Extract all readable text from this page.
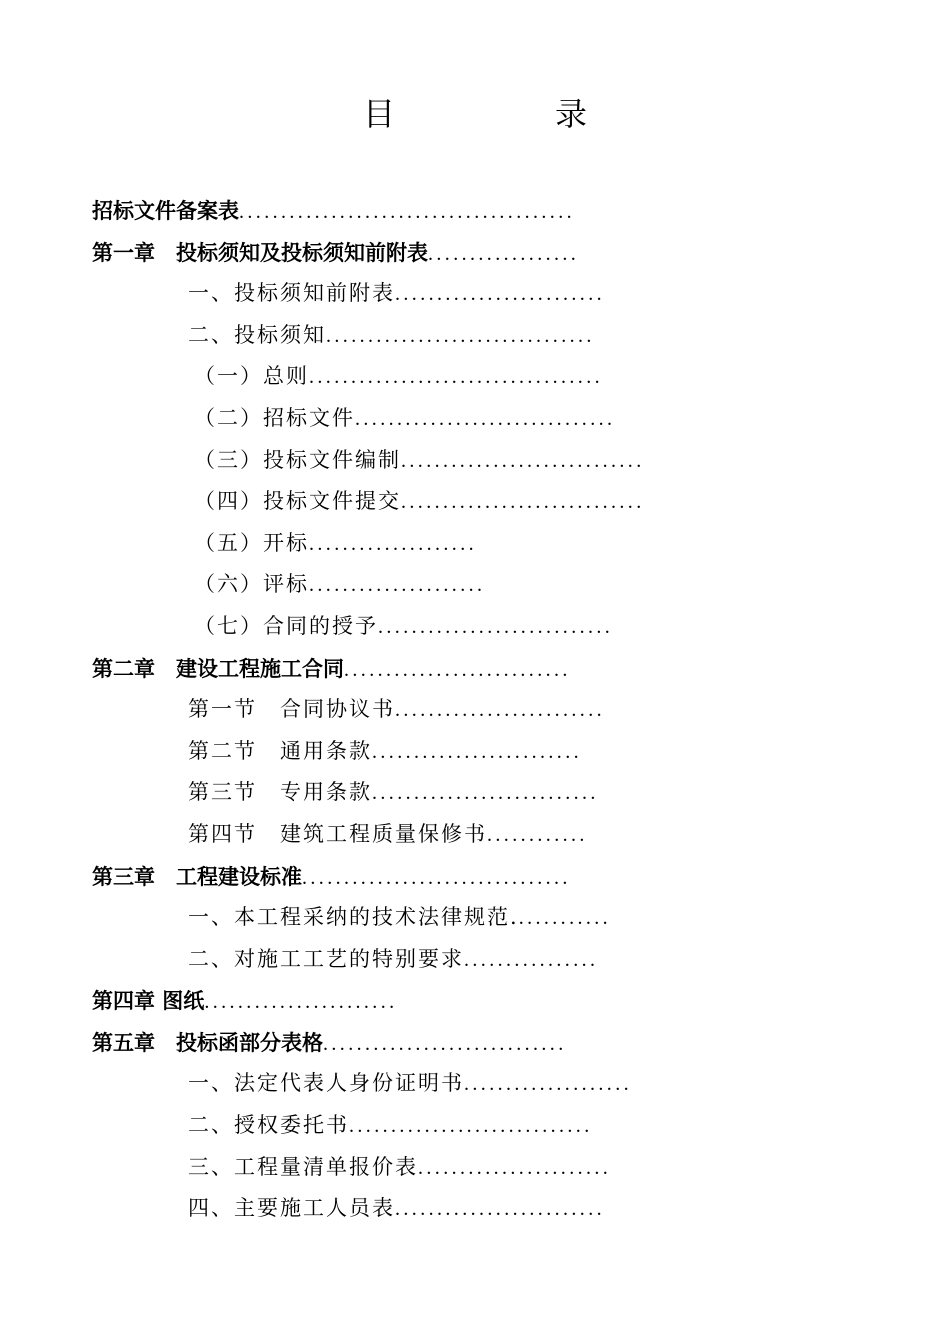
目　录
招标文件备案表........................................
第一章　投标须知及投标须知前附表..................
一、投标须知前附表.........................
二、投标须知................................
（一）总则...................................
（二）招标文件...............................
（三）投标文件编制.............................
（四）投标文件提交.............................
（五）开标....................
（六）评标.....................
（七）合同的授予............................
第二章　建设工程施工合同...........................
第一节　合同协议书.........................
第二节　通用条款.........................
第三节　专用条款...........................
第四节　建筑工程质量保修书............
第三章　工程建设标准................................
一、本工程采纳的技术法律规范............
二、对施工工艺的特别要求................
第四章 图纸.......................
第五章　投标函部分表格.............................
一、法定代表人身份证明书....................
二、授权委托书.............................
三、工程量清单报价表.......................
四、主要施工人员表.........................
